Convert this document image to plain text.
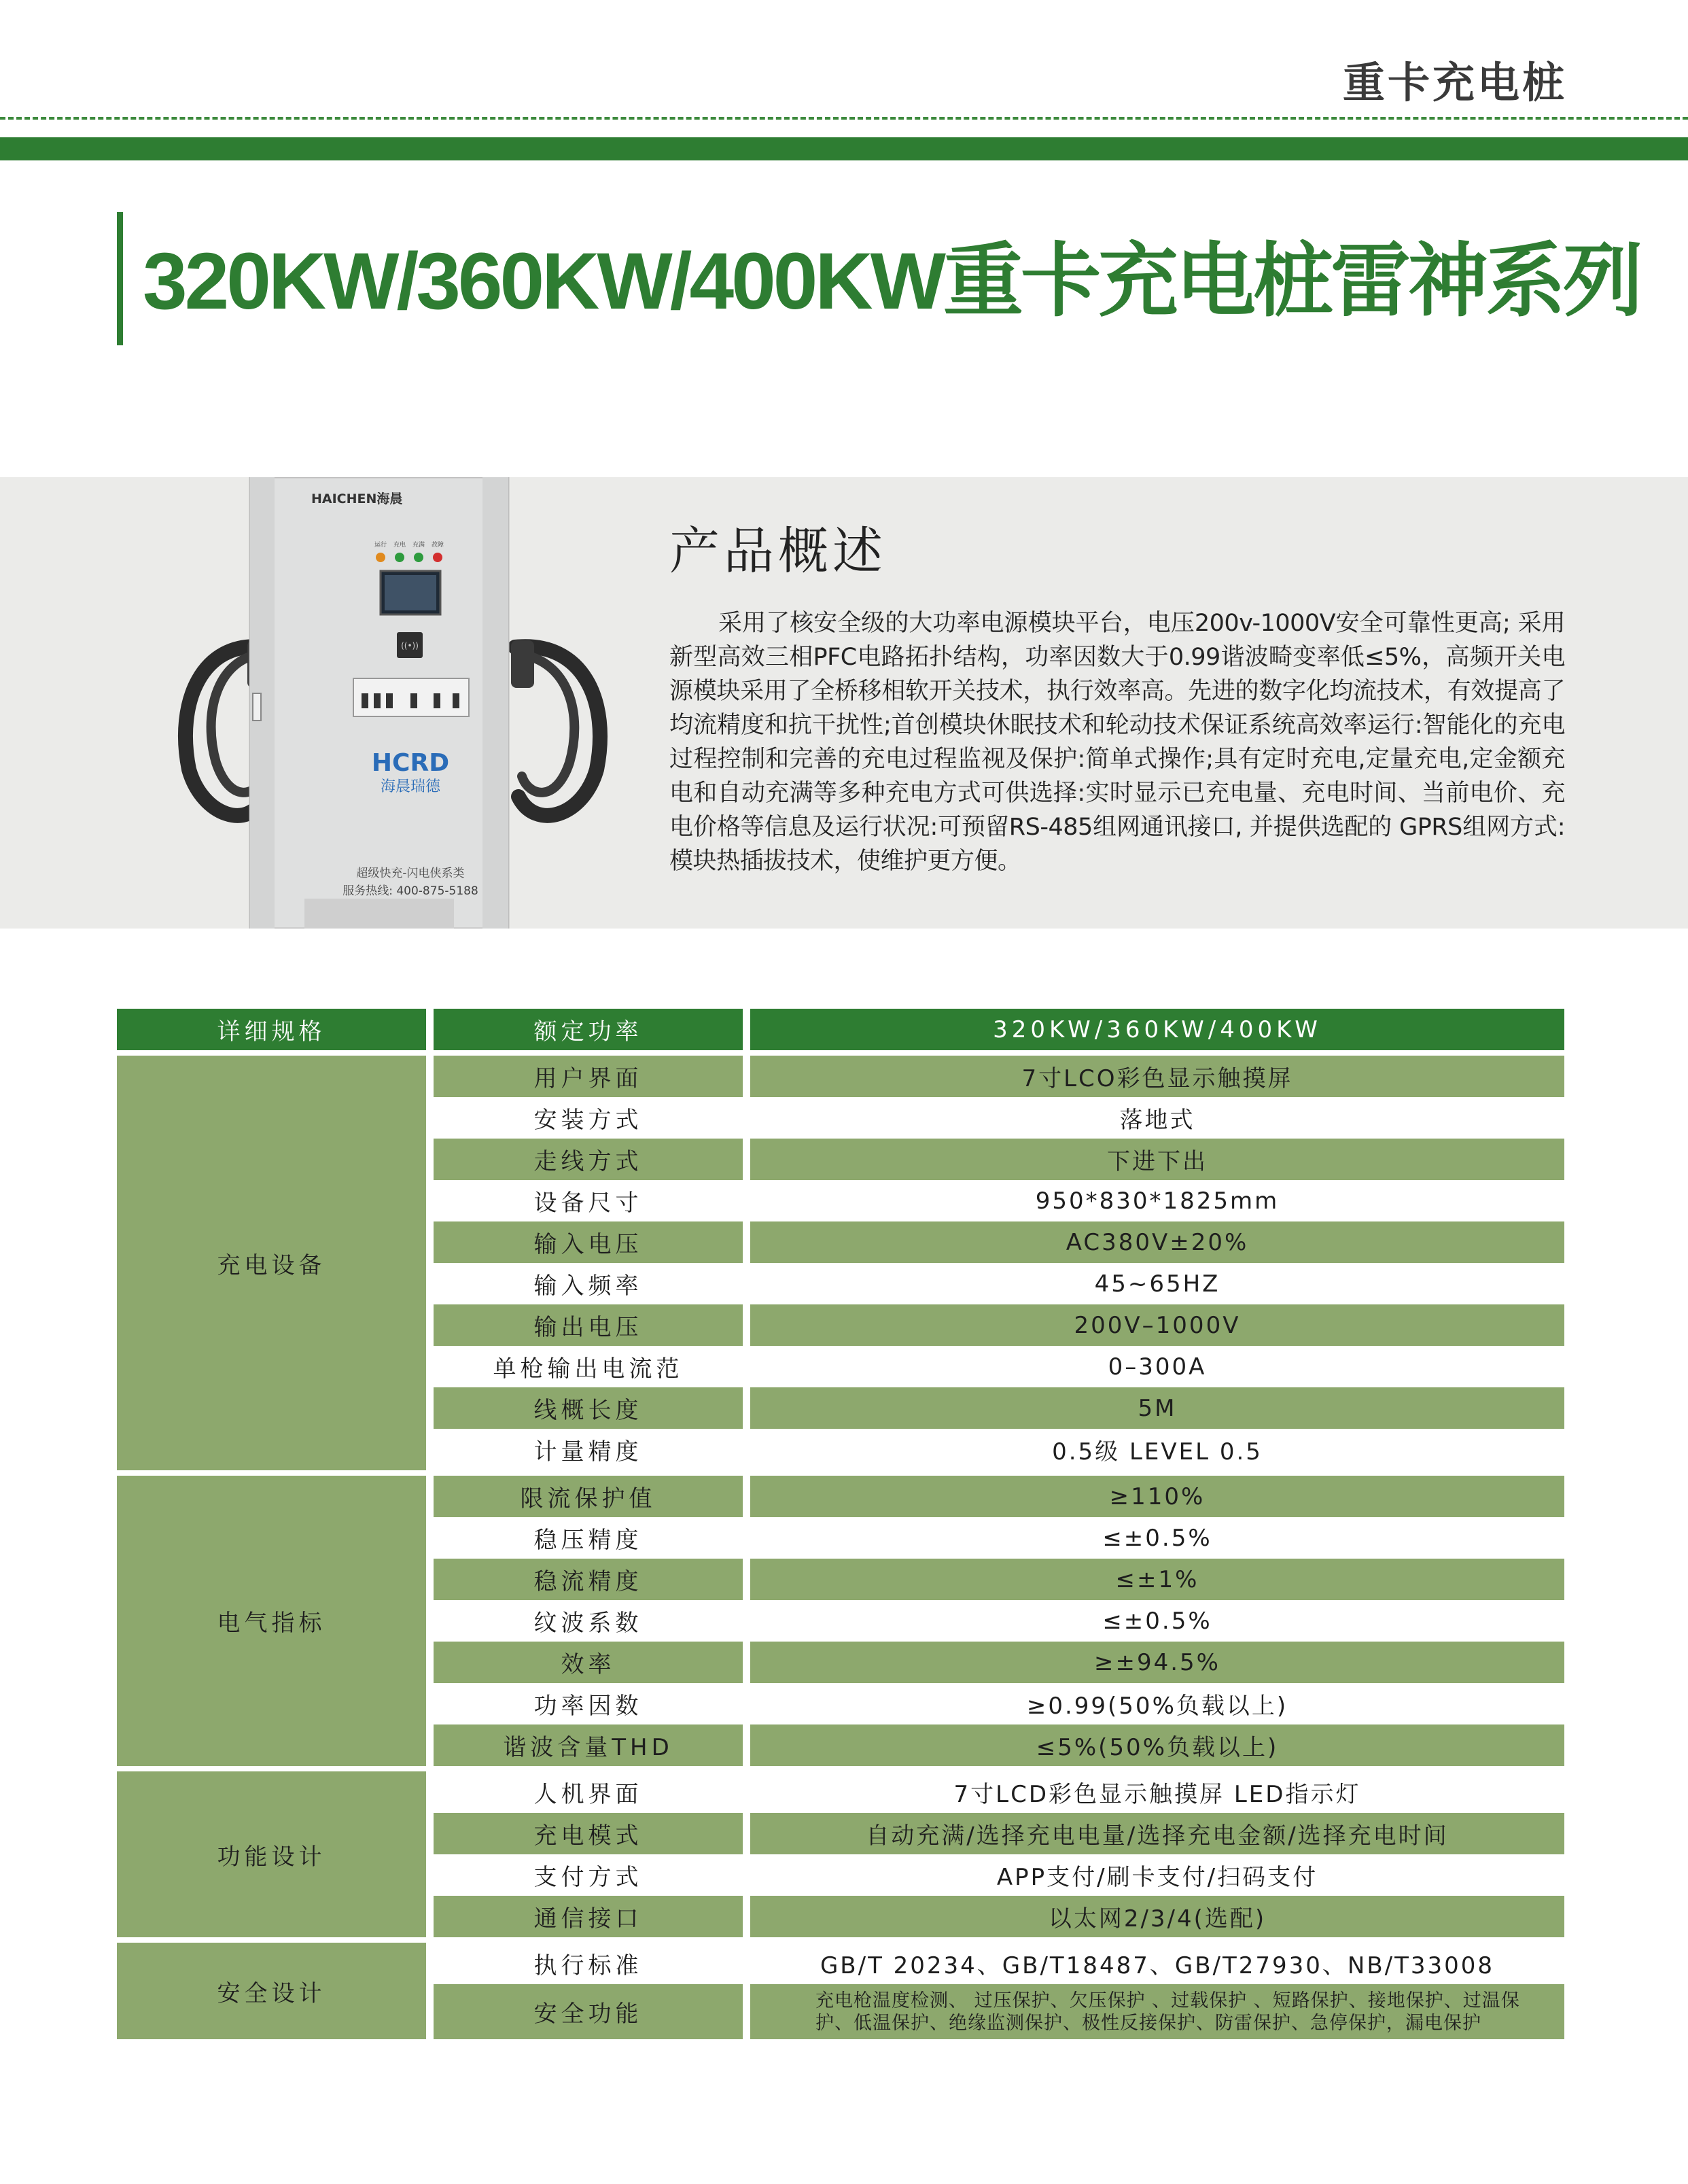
重卡充电桩
320KW/360KW/400KW重卡充电桩雷神系列
HAICHEN海晨
运行 充电 充满 故障
((•))
HCRD
海晨瑞德
超级快充-闪电侠系类
服务热线: 400-875-5188
产品概述
采用了核安全级的大功率电源模块平台，电压200v-1000V安全可靠性更高; 采用新型高效三相PFC电路拓扑结构，功率因数大于0.99谐波畸变率低≤5%，高频开关电源模块采用了全桥移相软开关技术，执行效率高。先进的数字化均流技术，有效提高了均流精度和抗干扰性;首创模块休眠技术和轮动技术保证系统高效率运行:智能化的充电过程控制和完善的充电过程监视及保护:简单式操作;具有定时充电,定量充电,定金额充电和自动充满等多种充电方式可供选择:实时显示已充电量、充电时间、当前电价、充电价格等信息及运行状况:可预留RS-485组网通讯接口, 并提供选配的 GPRS组网方式:模块热插拔技术，使维护更方便。
详细规格	额定功率	320KW/360KW/400KW
用户界面	7寸LCO彩色显示触摸屏
安装方式	落地式
走线方式	下进下出
设备尺寸	950*830*1825mm
输入电压	AC380V±20%
输入频率	45~65HZ
输出电压	200V–1000V
单枪输出电流范	0–300A
线概长度	5M
计量精度	0.5级 LEVEL 0.5
充电设备
限流保护值	≥110%
稳压精度	≤±0.5%
稳流精度	≤±1%
纹波系数	≤±0.5%
效率	≥±94.5%
功率因数	≥0.99(50%负载以上)
谐波含量THD	≤5%(50%负载以上)
电气指标
人机界面	7寸LCD彩色显示触摸屏 LED指示灯
充电模式	自动充满/选择充电电量/选择充电金额/选择充电时间
支付方式	APP支付/刷卡支付/扫码支付
通信接口	以太网2/3/4(选配)
功能设计
执行标准	GB/T 20234、GB/T18487、GB/T27930、NB/T33008
安全功能	充电枪温度检测、 过压保护、欠压保护 、过载保护 、短路保护、接地保护、过温保护、低温保护、绝缘监测保护、极性反接保护、防雷保护、急停保护，漏电保护
安全设计
